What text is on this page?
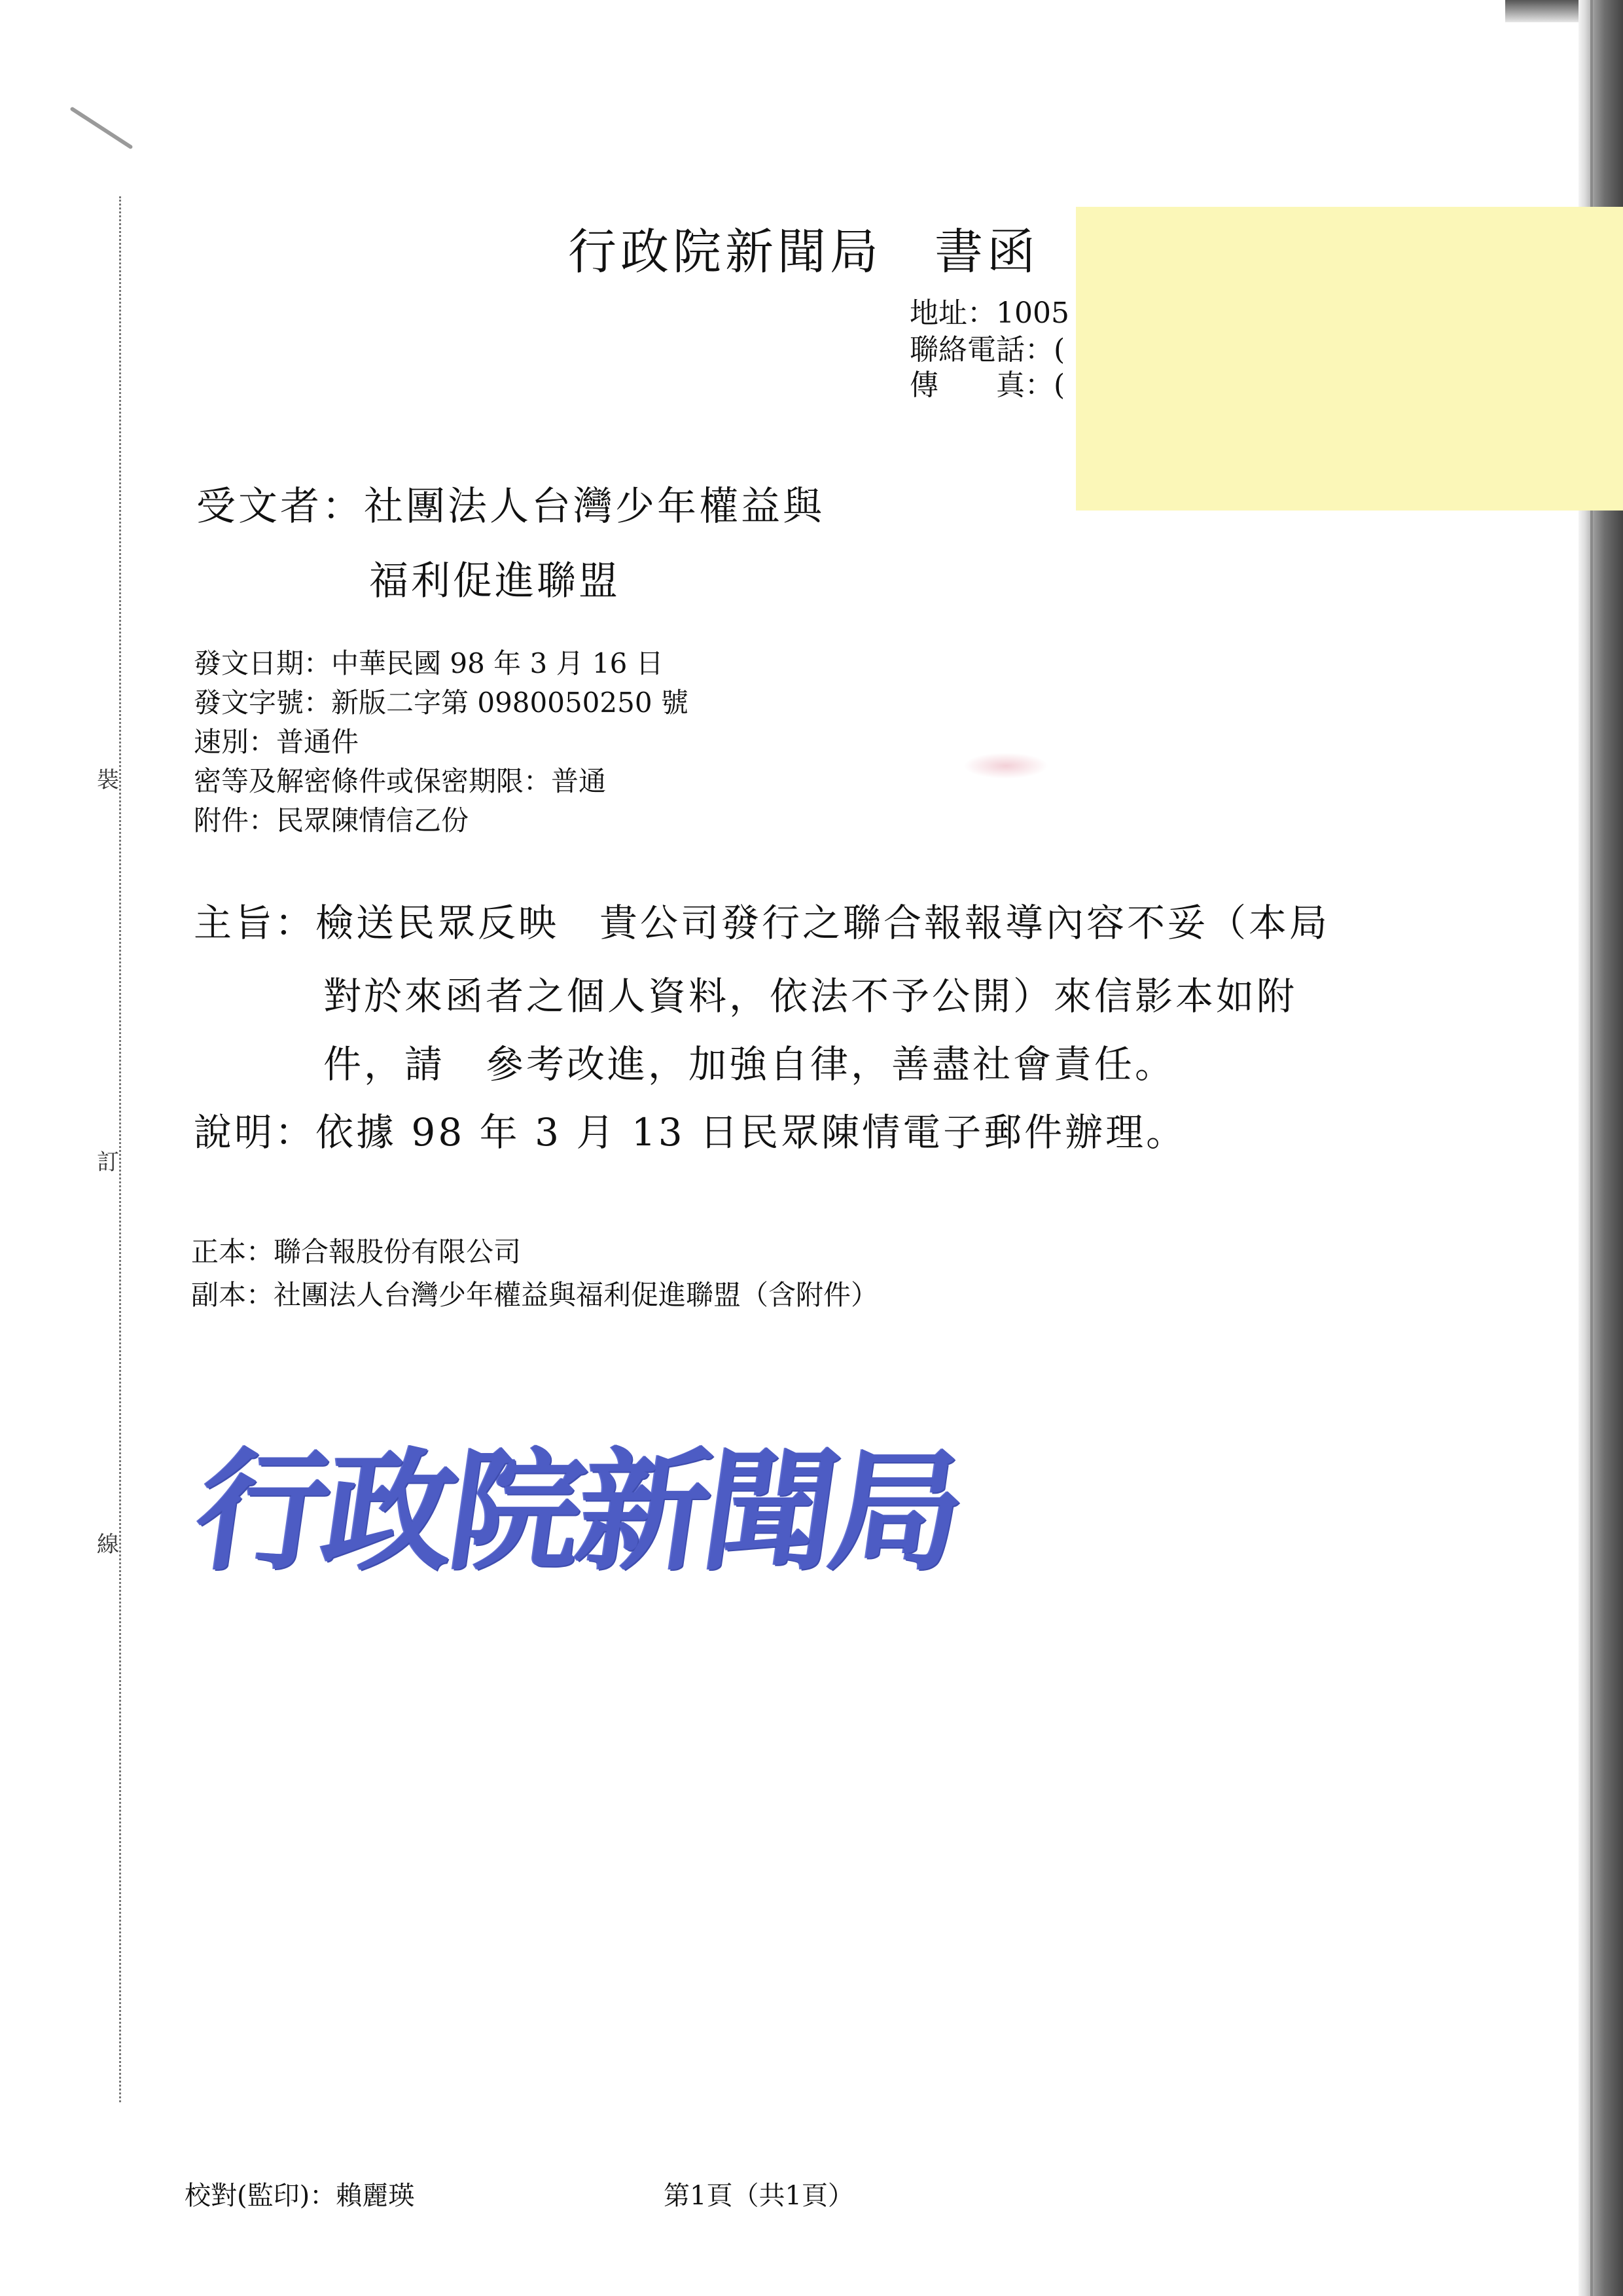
裝
訂
線
行政院新聞局　書函
地址：1005
聯絡電話：(
傳　　真：(
受文者：社團法人台灣少年權益與
福利促進聯盟
發文日期：中華民國 98 年 3 月 16 日
發文字號：新版二字第 0980050250 號
速別：普通件
密等及解密條件或保密期限：普通
附件：民眾陳情信乙份
主旨：檢送民眾反映　貴公司發行之聯合報報導內容不妥（本局
對於來函者之個人資料，依法不予公開）來信影本如附
件，請　參考改進，加強自律，善盡社會責任。
說明：依據 98 年 3 月 13 日民眾陳情電子郵件辦理。
正本：聯合報股份有限公司
副本：社團法人台灣少年權益與福利促進聯盟（含附件）
行政院新聞局
校對(監印)：賴麗瑛	第1頁（共1頁）
